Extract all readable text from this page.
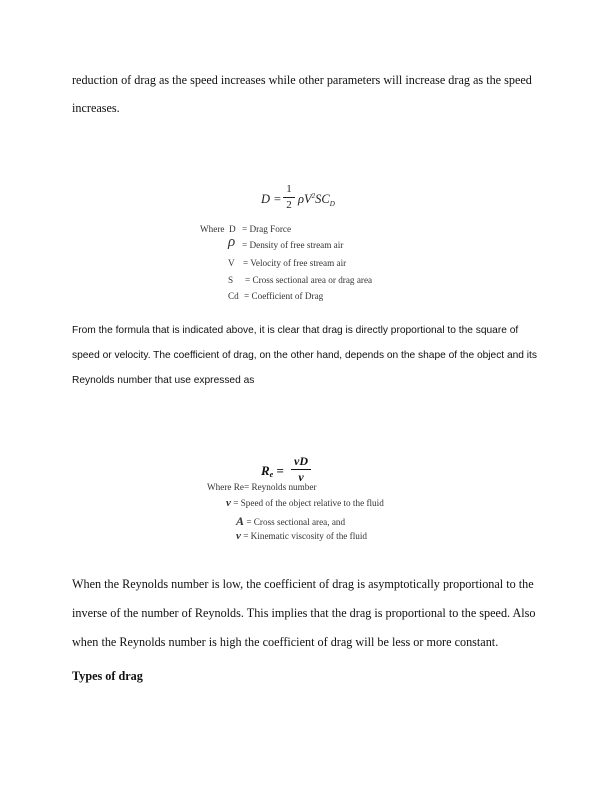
reduction of drag as the speed increases while other parameters will increase drag as the speed increases.

D =
1
2 $\rho V^2SC_D$
Where D = Drag Force
ρ = Density of free stream air
V = Velocity of free stream air
S = Cross sectional area or drag area
Cd = Coefficient of Drag

From the formula that is indicated above, it is clear that drag is directly proportional to the square of speed or velocity. The coefficient of drag, on the other hand, depends on the shape of the object and its Reynolds number that use expressed as

$R_e$ =
vD
ν
Where Re= Reynolds number
v = Speed of the object relative to the fluid
A = Cross sectional area, and
ν = Kinematic viscosity of the fluid

When the Reynolds number is low, the coefficient of drag is asymptotically proportional to the inverse of the number of Reynolds. This implies that the drag is proportional to the speed. Also when the Reynolds number is high the coefficient of drag will be less or more constant.

Types of drag
